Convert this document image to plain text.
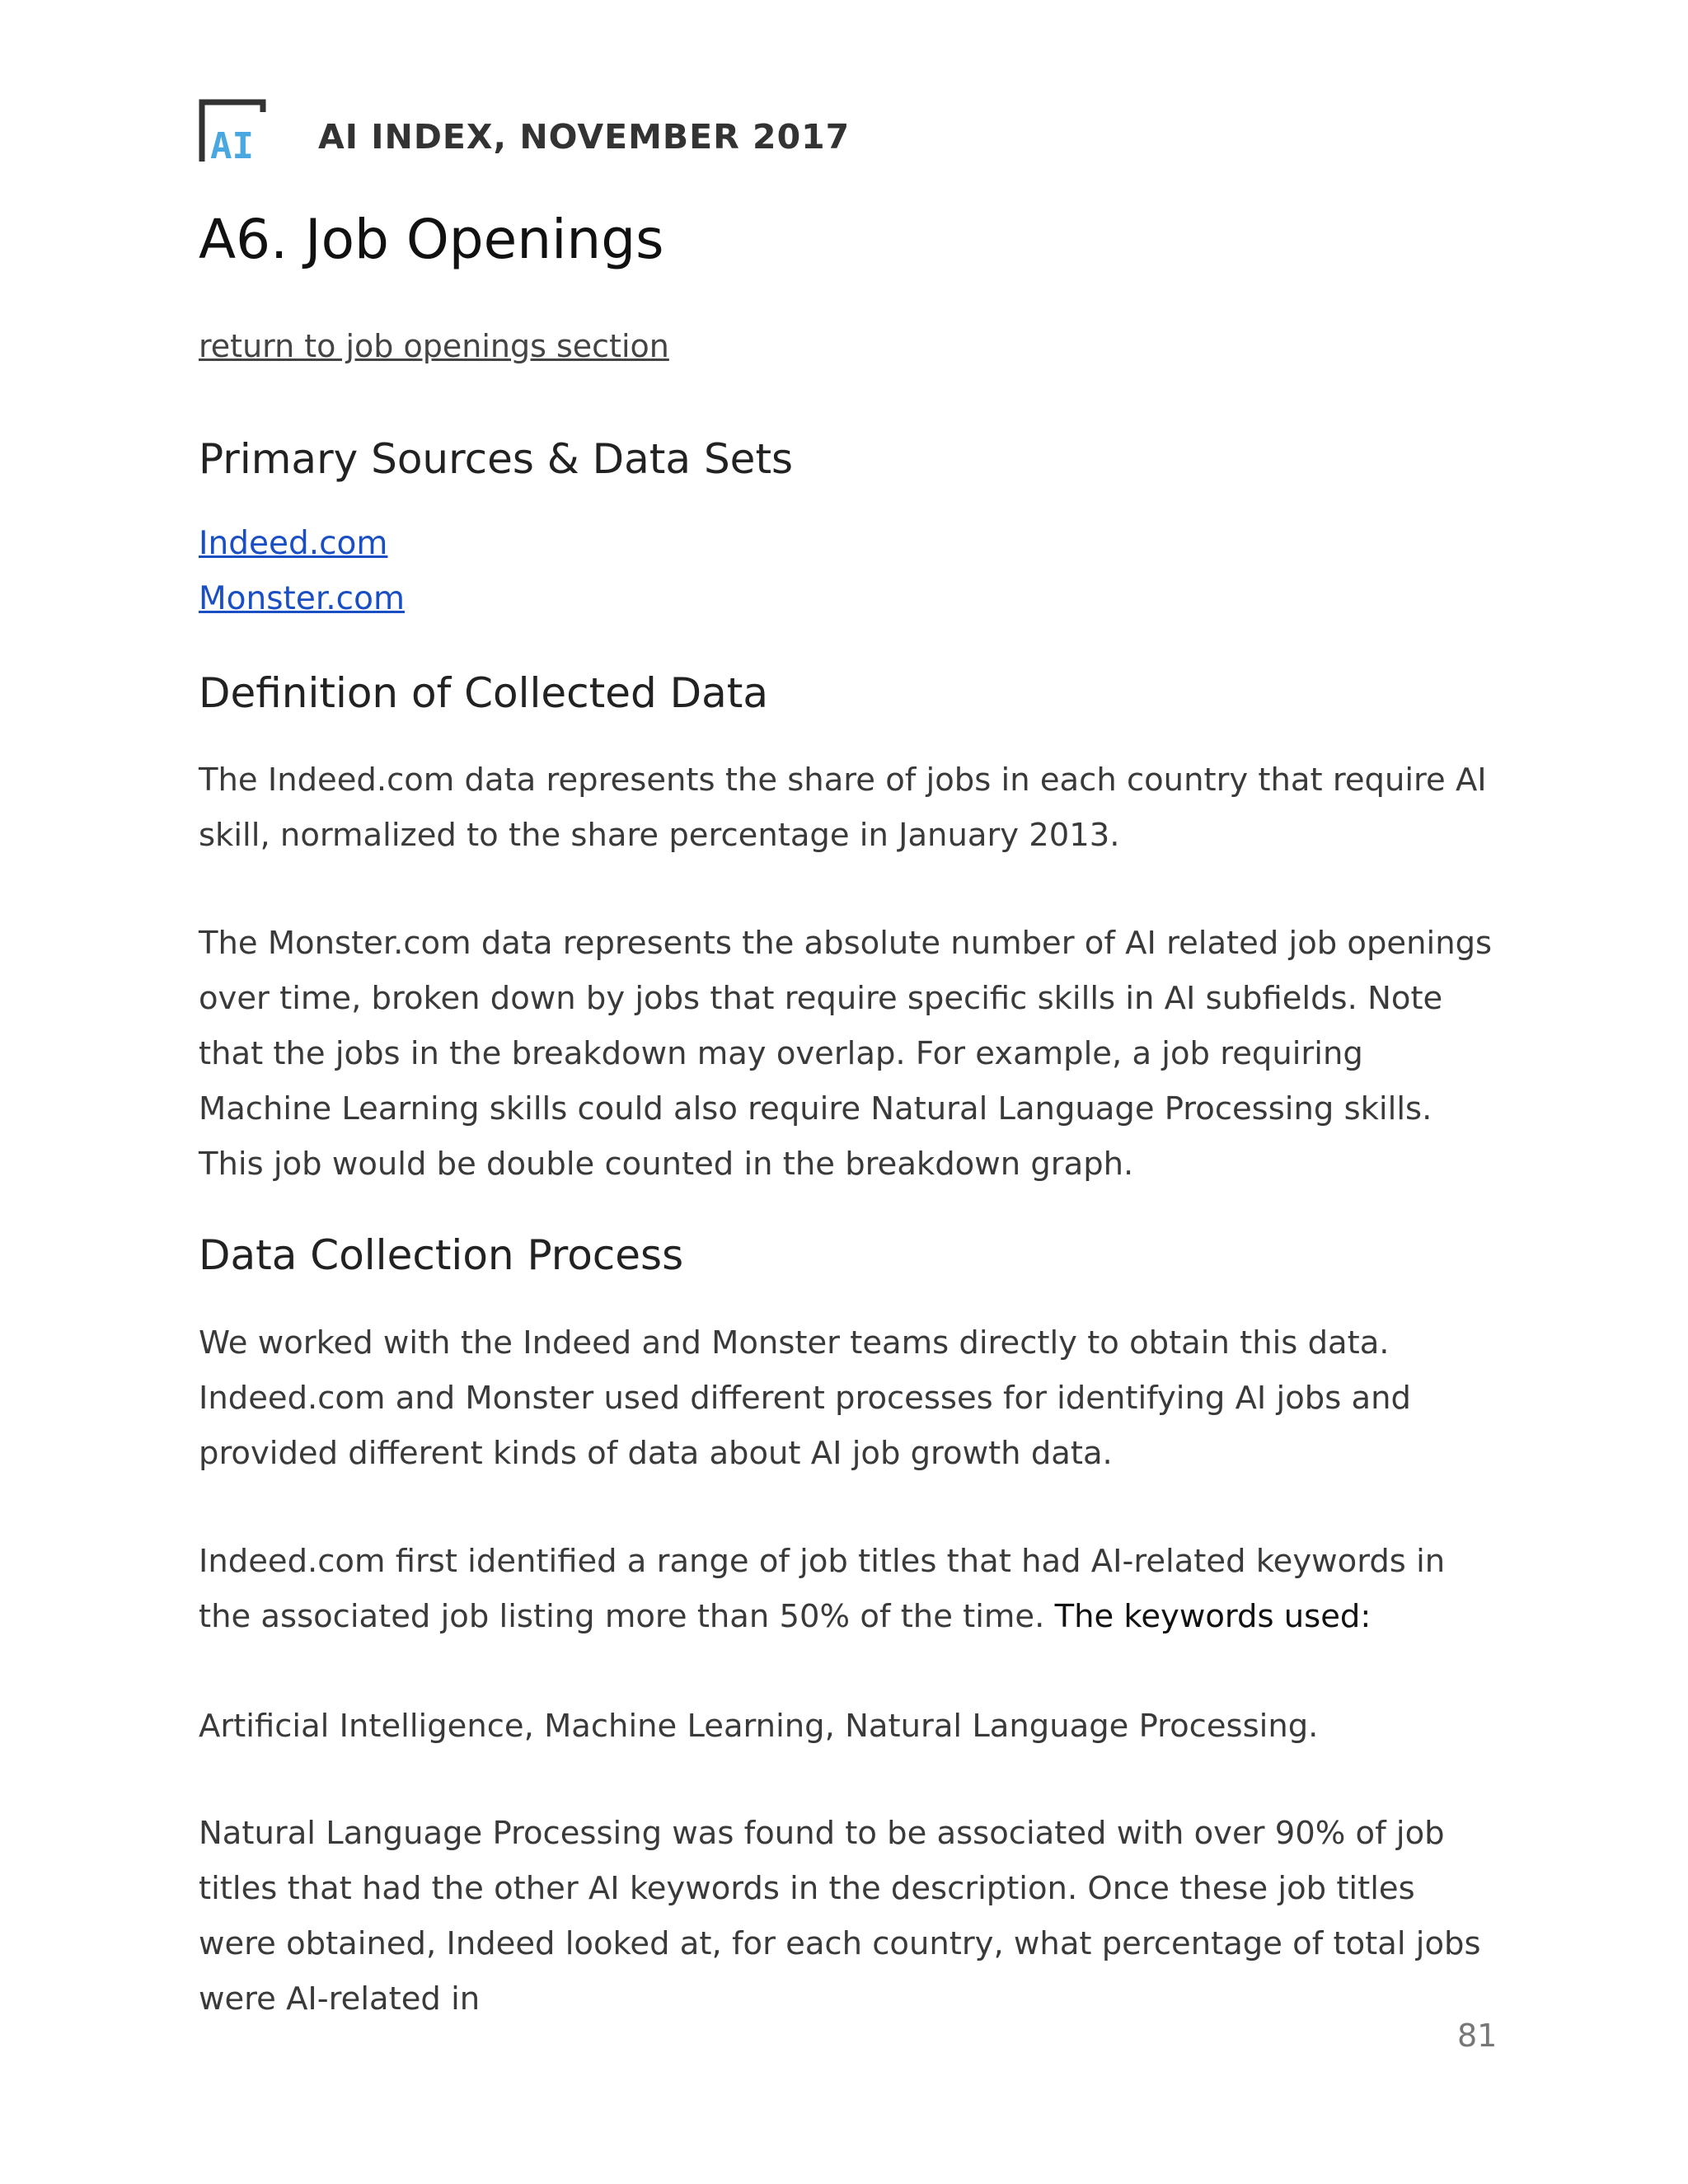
AI AI INDEX, NOVEMBER 2017
A6. Job Openings
return to job openings section
Primary Sources & Data Sets
Indeed.com
Monster.com
Definition of Collected Data

The Indeed.com data represents the share of jobs in each country that require AI skill, normalized to the share percentage in January 2013.

The Monster.com data represents the absolute number of AI related job openings over time, broken down by jobs that require specific skills in AI subfields. Note that the jobs in the breakdown may overlap. For example, a job requiring Machine Learning skills could also require Natural Language Processing skills. This job would be double counted in the breakdown graph.

Data Collection Process

We worked with the Indeed and Monster teams directly to obtain this data. Indeed.com and Monster used different processes for identifying AI jobs and provided different kinds of data about AI job growth data.

Indeed.com first identified a range of job titles that had AI-related keywords in the associated job listing more than 50% of the time. The keywords used:

Artificial Intelligence, Machine Learning, Natural Language Processing.

Natural Language Processing was found to be associated with over 90% of job titles that had the other AI keywords in the description. Once these job titles were obtained, Indeed looked at, for each country, what percentage of total jobs were AI-related in

81
